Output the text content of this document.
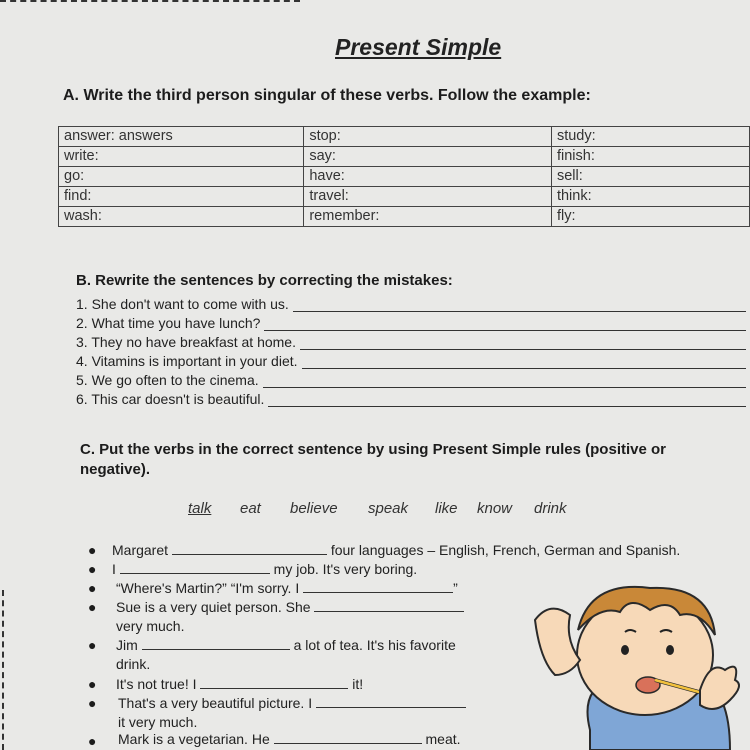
Present Simple
A. Write the third person singular of these verbs. Follow the example:
answer: answers	stop:	study:
write:	say:	finish:
go:	have:	sell:
find:	travel:	think:
wash:	remember:	fly:
B. Rewrite the sentences by correcting the mistakes:
1. She don't want to come with us.
2. What time you have lunch?
3. They no have breakfast at home.
4. Vitamins is important in your diet.
5. We go often to the cinema.
6. This car doesn't is beautiful.
C. Put the verbs in the correct sentence by using Present Simple rules (positive or negative).
talk eat believe speak like know drink
● Margaret	four languages – English, French, German and Spanish.
● I	my job. It's very boring.
● “Where's Martin?” “I'm sorry. I	”
● Sue is a very quiet person. She
very much.
● Jim	a lot of tea. It's his favorite
drink.
● It's not true! I	it!
● That's a very beautiful picture. I
it very much.
● Mark is a vegetarian. He	meat.
